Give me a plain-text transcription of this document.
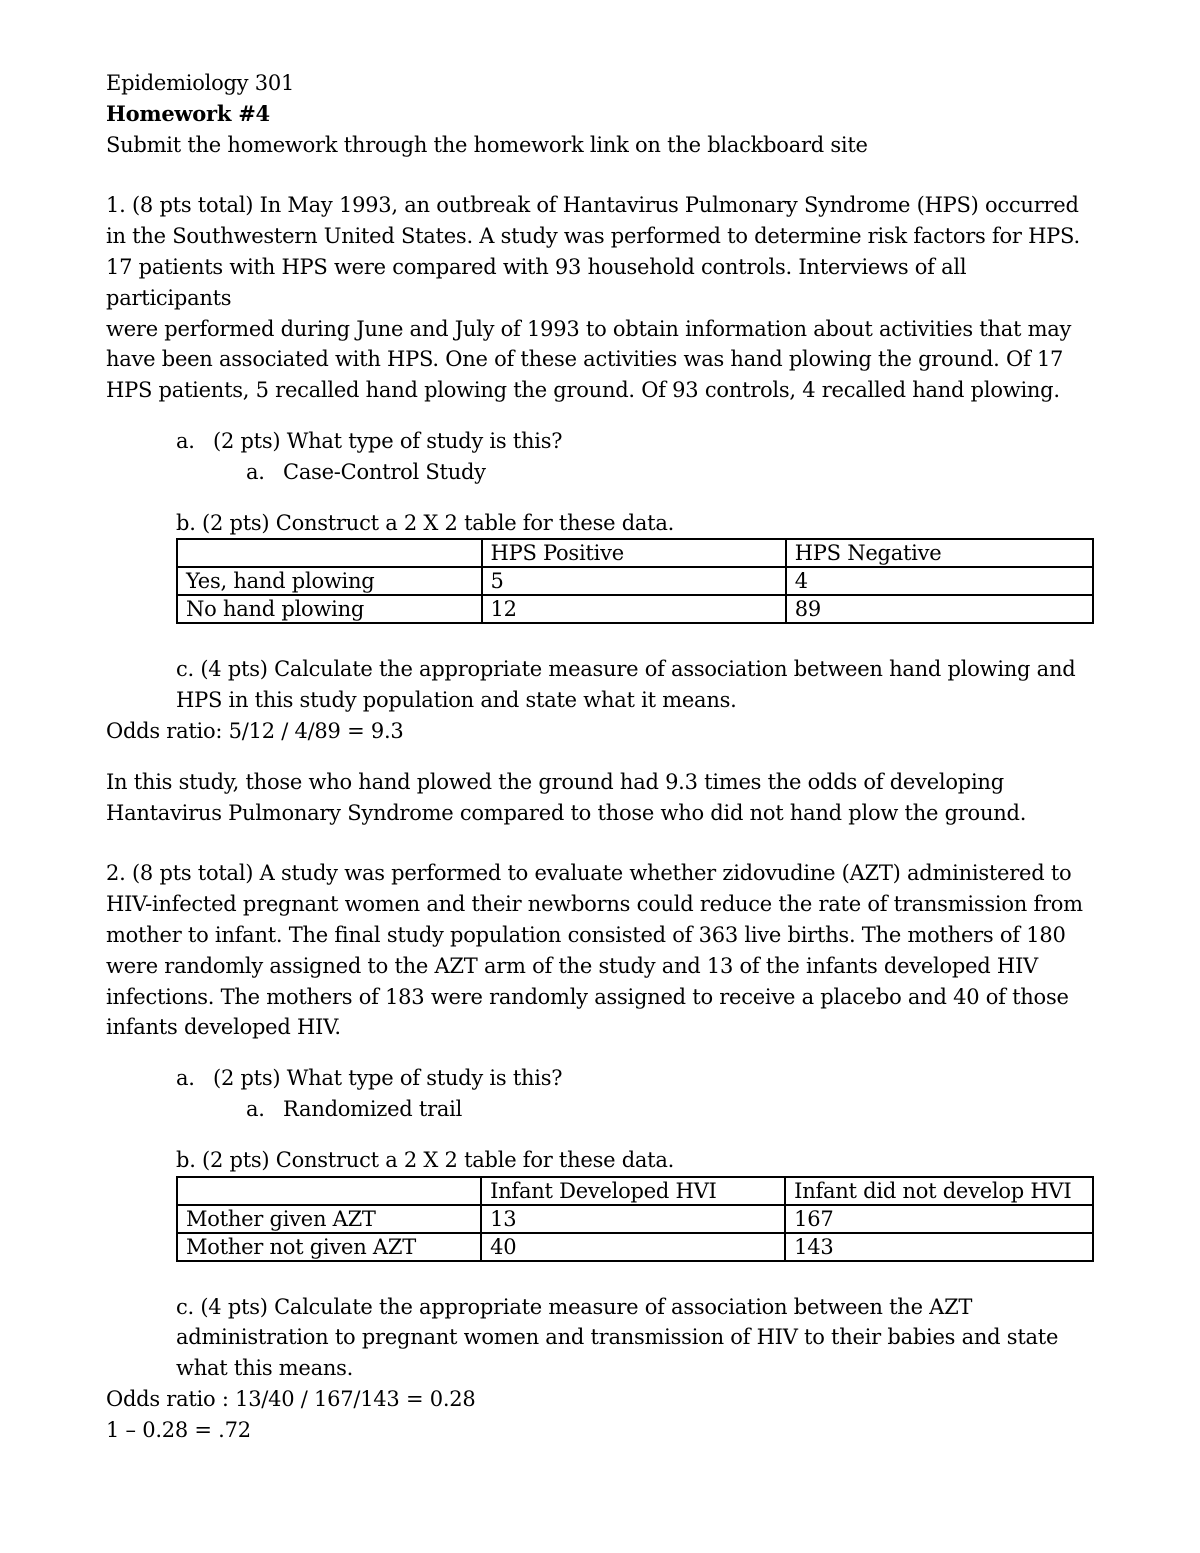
Epidemiology 301

Homework #4

Submit the homework through the homework link on the blackboard site

1. (8 pts total) In May 1993, an outbreak of Hantavirus Pulmonary Syndrome (HPS) occurred

in the Southwestern United States. A study was performed to determine risk factors for HPS.

17 patients with HPS were compared with 93 household controls. Interviews of all participants

were performed during June and July of 1993 to obtain information about activities that may

have been associated with HPS. One of these activities was hand plowing the ground. Of 17

HPS patients, 5 recalled hand plowing the ground. Of 93 controls, 4 recalled hand plowing.

a. (2 pts) What type of study is this?
a. Case-Control Study

b. (2 pts) Construct a 2 X 2 table for these data.

	HPS Positive	HPS Negative
Yes, hand plowing	5	4
No hand plowing	12	89

c. (4 pts) Calculate the appropriate measure of association between hand plowing and

HPS in this study population and state what it means.

Odds ratio: 5/12 / 4/89 = 9.3

In this study, those who hand plowed the ground had 9.3 times the odds of developing

Hantavirus Pulmonary Syndrome compared to those who did not hand plow the ground.

2. (8 pts total) A study was performed to evaluate whether zidovudine (AZT) administered to

HIV-infected pregnant women and their newborns could reduce the rate of transmission from

mother to infant. The final study population consisted of 363 live births. The mothers of 180

were randomly assigned to the AZT arm of the study and 13 of the infants developed HIV

infections. The mothers of 183 were randomly assigned to receive a placebo and 40 of those

infants developed HIV.

a. (2 pts) What type of study is this?
a. Randomized trail

b. (2 pts) Construct a 2 X 2 table for these data.

	Infant Developed HVI	Infant did not develop HVI
Mother given AZT	13	167
Mother not given AZT	40	143

c. (4 pts) Calculate the appropriate measure of association between the AZT

administration to pregnant women and transmission of HIV to their babies and state

what this means.

Odds ratio : 13/40 / 167/143 = 0.28

1 – 0.28 = .72
